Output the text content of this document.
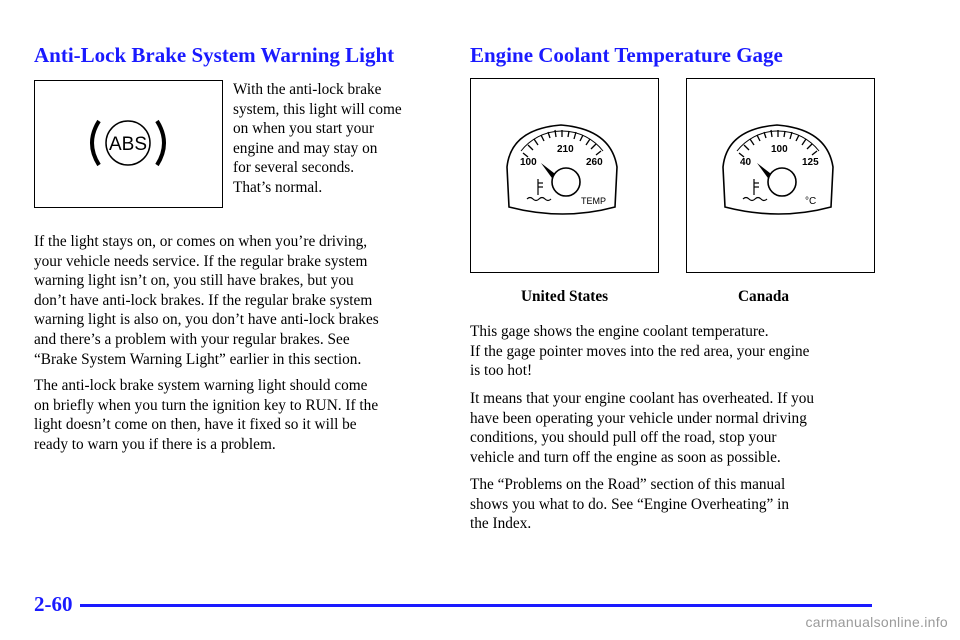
Anti-Lock Brake System Warning Light
ABS
With the anti-lock brake
system, this light will come
on when you start your
engine and may stay on
for several seconds.
That’s normal.
If the light stays on, or comes on when you’re driving,
your vehicle needs service. If the regular brake system
warning light isn’t on, you still have brakes, but you
don’t have anti-lock brakes. If the regular brake system
warning light is also on, you don’t have anti-lock brakes
and there’s a problem with your regular brakes. See
“Brake System Warning Light” earlier in this section.
The anti-lock brake system warning light should come
on briefly when you turn the ignition key to RUN. If the
light doesn’t come on then, have it fixed so it will be
ready to warn you if there is a problem.
Engine Coolant Temperature Gage
100
210
260
TEMP
40
100
125
°C
United States	Canada
This gage shows the engine coolant temperature.
If the gage pointer moves into the red area, your engine
is too hot!
It means that your engine coolant has overheated. If you
have been operating your vehicle under normal driving
conditions, you should pull off the road, stop your
vehicle and turn off the engine as soon as possible.
The “Problems on the Road” section of this manual
shows you what to do. See “Engine Overheating” in
the Index.
2-60
carmanualsonline.info
